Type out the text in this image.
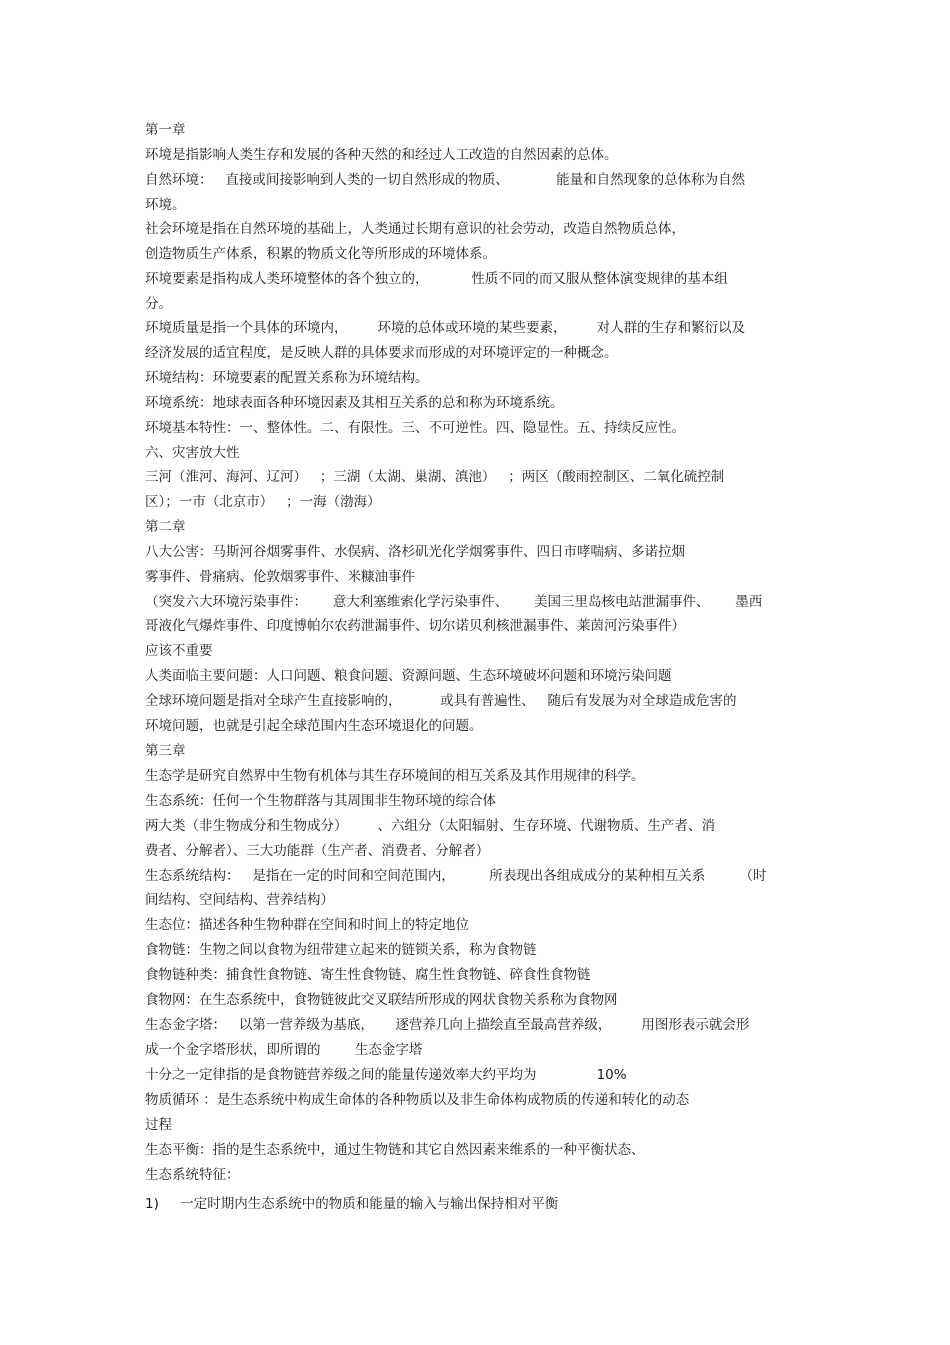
第一章
环境是指影响人类生存和发展的各种天然的和经过人工改造的自然因素的总体。
自然环境：   直接或间接影响到人类的一切自然形成的物质、           能量和自然现象的总体称为自然
环境。
社会环境是指在自然环境的基础上，人类通过长期有意识的社会劳动，改造自然物质总体，
创造物质生产体系，积累的物质文化等所形成的环境体系。
环境要素是指构成人类环境整体的各个独立的，          性质不同的而又服从整体演变规律的基本组
分。
环境质量是指一个具体的环境内，       环境的总体或环境的某些要素，       对人群的生存和繁衍以及
经济发展的适宜程度，是反映人群的具体要求而形成的对环境评定的一种概念。
环境结构：环境要素的配置关系称为环境结构。
环境系统：地球表面各种环境因素及其相互关系的总和称为环境系统。
环境基本特性：一、整体性。二、有限性。三、不可逆性。四、隐显性。五、持续反应性。
六、灾害放大性
三河（淮河、海河、辽河）   ；三湖（太湖、巢湖、滇池）   ；两区（酸雨控制区、二氧化硫控制
区）；一市（北京市）   ；一海（渤海）
第二章
八大公害：马斯河谷烟雾事件、水俣病、洛杉矶光化学烟雾事件、四日市哮喘病、多诺拉烟
雾事件、骨痛病、伦敦烟雾事件、米糠油事件
（突发六大环境污染事件：      意大利塞维索化学污染事件、      美国三里岛核电站泄漏事件、      墨西
哥液化气爆炸事件、印度博帕尔农药泄漏事件、切尔诺贝利核泄漏事件、莱茵河污染事件）
应该不重要
人类面临主要问题：人口问题、粮食问题、资源问题、生态环境破坏问题和环境污染问题
全球环境问题是指对全球产生直接影响的，         或具有普遍性、   随后有发展为对全球造成危害的
环境问题，也就是引起全球范围内生态环境退化的问题。
第三章
生态学是研究自然界中生物有机体与其生存环境间的相互关系及其作用规律的科学。
生态系统：任何一个生物群落与其周围非生物环境的综合体
两大类（非生物成分和生物成分）       、六组分（太阳辐射、生存环境、代谢物质、生产者、消
费者、分解者）、三大功能群（生产者、消费者、分解者）
生态系统结构：   是指在一定的时间和空间范围内，        所表现出各组成成分的某种相互关系        （时
间结构、空间结构、营养结构）
生态位：描述各种生物种群在空间和时间上的特定地位
食物链：生物之间以食物为纽带建立起来的链锁关系，称为食物链
食物链种类：捕食性食物链、寄生性食物链、腐生性食物链、碎食性食物链
食物网：在生态系统中，食物链彼此交叉联结所形成的网状食物关系称为食物网
生态金字塔：   以第一营养级为基底，     逐营养几向上描绘直至最高营养级，       用图形表示就会形
成一个金字塔形状，即所谓的        生态金字塔
十分之一定律指的是食物链营养级之间的能量传递效率大约平均为              10%
物质循环 ：是生态系统中构成生命体的各种物质以及非生命体构成物质的传递和转化的动态
过程
生态平衡：指的是生态系统中，通过生物链和其它自然因素来维系的一种平衡状态、
生态系统特征：
1)     一定时期内生态系统中的物质和能量的输入与输出保持相对平衡
